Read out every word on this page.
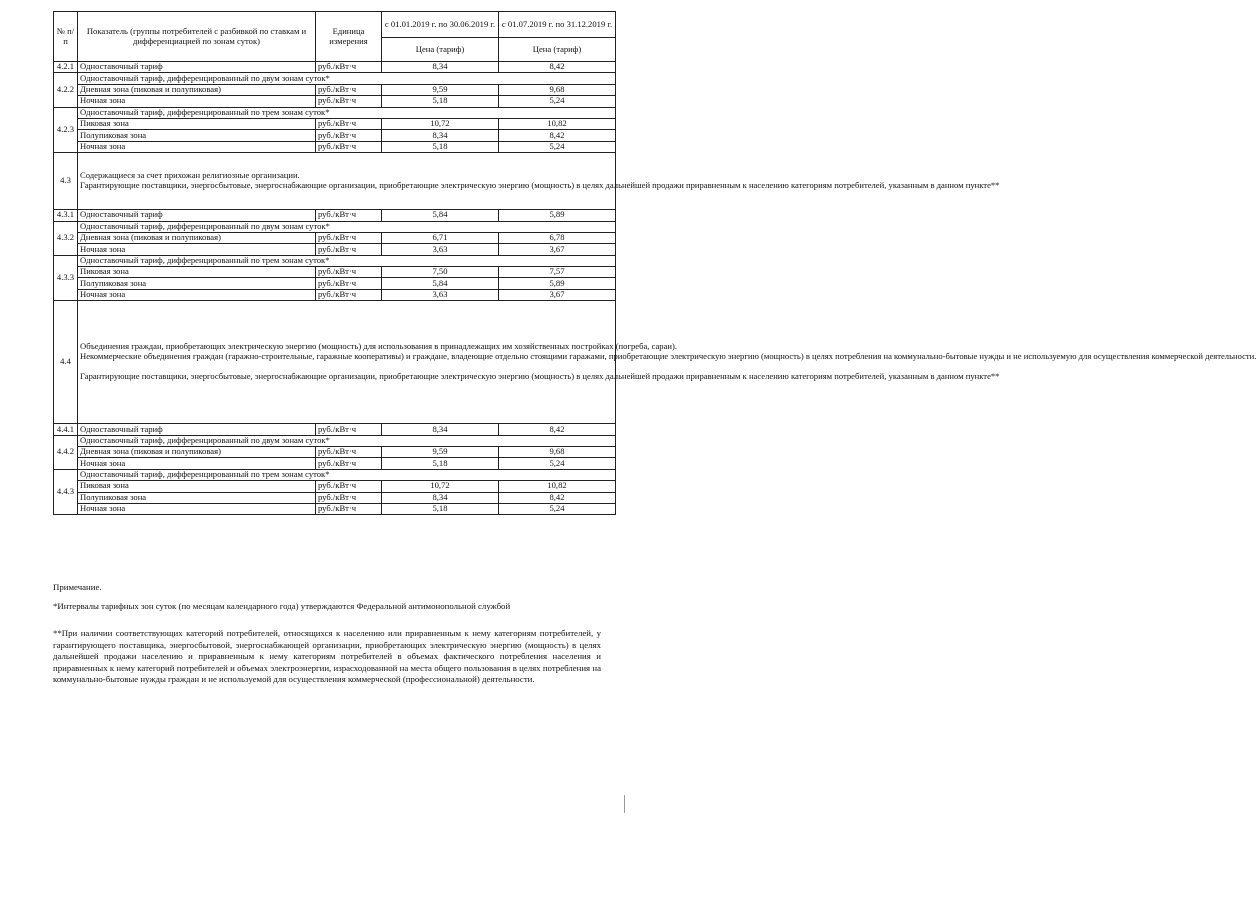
№ п/п	Показатель (группы потребителей с разбивкой по ставкам и дифференциацией по зонам суток)	Единица измерения	с 01.01.2019 г. по 30.06.2019 г.	с 01.07.2019 г. по 31.12.2019 г.
			Цена (тариф)	Цена (тариф)
4.2.1	Одноставочный тариф	руб./кВт·ч	8,34	8,42
4.2.2	Одноставочный тариф, дифференцированный по двум зонам суток*			
	Дневная зона (пиковая и полупиковая)	руб./кВт·ч	9,59	9,68
	Ночная зона	руб./кВт·ч	5,18	5,24
4.2.3	Одноставочный тариф, дифференцированный по трем зонам суток*			
	Пиковая зона	руб./кВт·ч	10,72	10,82
	Полупиковая зона	руб./кВт·ч	8,34	8,42
	Ночная зона	руб./кВт·ч	5,18	5,24
4.3	Содержащиеся за счет прихожан религиозные организации.
Гарантирующие поставщики, энергосбытовые, энергоснабжающие организации, приобретающие электрическую энергию (мощность) в целях дальнейшей продажи приравненным к населению категориям потребителей, указанным в данном пункте**			

4.3.1	Одноставочный тариф	руб./кВт·ч	5,84	5,89
4.3.2	Одноставочный тариф, дифференцированный по двум зонам суток*			
	Дневная зона (пиковая и полупиковая)	руб./кВт·ч	6,71	6,78
	Ночная зона	руб./кВт·ч	3,63	3,67
4.3.3	Одноставочный тариф, дифференцированный по трем зонам суток*			
	Пиковая зона	руб./кВт·ч	7,50	7,57
	Полупиковая зона	руб./кВт·ч	5,84	5,89
	Ночная зона	руб./кВт·ч	3,63	3,67
4.4	Объединения граждан, приобретающих электрическую энергию (мощность) для использования в принадлежащих им хозяйственных постройках (погреба, сараи).
Некоммерческие объединения граждан (гаражно-строительные, гаражные кооперативы) и граждане, владеющие отдельно стоящими гаражами, приобретающие электрическую энергию (мощность) в целях потребления на коммунально-бытовые нужды и не используемую для осуществления коммерческой деятельности.
Гарантирующие поставщики, энергосбытовые, энергоснабжающие организации, приобретающие электрическую энергию (мощность) в целях дальнейшей продажи приравненным к населению категориям потребителей, указанным в данном пункте**			

4.4.1	Одноставочный тариф	руб./кВт·ч	8,34	8,42
4.4.2	Одноставочный тариф, дифференцированный по двум зонам суток*			
	Дневная зона (пиковая и полупиковая)	руб./кВт·ч	9,59	9,68
	Ночная зона	руб./кВт·ч	5,18	5,24
4.4.3	Одноставочный тариф, дифференцированный по трем зонам суток*			
	Пиковая зона	руб./кВт·ч	10,72	10,82
	Полупиковая зона	руб./кВт·ч	8,34	8,42
	Ночная зона	руб./кВт·ч	5,18	5,24
Примечание.
*Интервалы тарифных зон суток (по месяцам календарного года) утверждаются Федеральной антимонопольной службой
**При наличии соответствующих категорий потребителей, относящихся к населению или приравненным к нему категориям потребителей, у гарантирующего поставщика, энергосбытовой, энергоснабжающей организации, приобретающих электрическую энергию (мощность) в целях дальнейшей продажи населению и приравненным к нему категориям потребителей в объемах фактического потребления населения и приравненных к нему категорий потребителей и объемах электроэнергии, израсходованной на места общего пользования в целях потребления на коммунально-бытовые нужды граждан и не используемой для осуществления коммерческой (профессиональной) деятельности.
